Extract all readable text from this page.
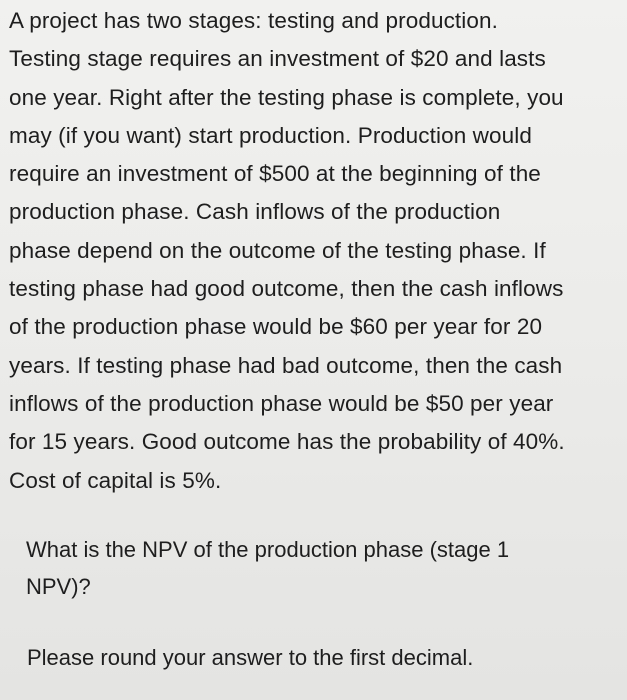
A project has two stages: testing and production.
Testing stage requires an investment of $20 and lasts
one year. Right after the testing phase is complete, you
may (if you want) start production. Production would
require an investment of $500 at the beginning of the
production phase. Cash inflows of the production
phase depend on the outcome of the testing phase. If
testing phase had good outcome, then the cash inflows
of the production phase would be $60 per year for 20
years. If testing phase had bad outcome, then the cash
inflows of the production phase would be $50 per year
for 15 years. Good outcome has the probability of 40%.
Cost of capital is 5%.

What is the NPV of the production phase (stage 1
NPV)?

Please round your answer to the first decimal.
